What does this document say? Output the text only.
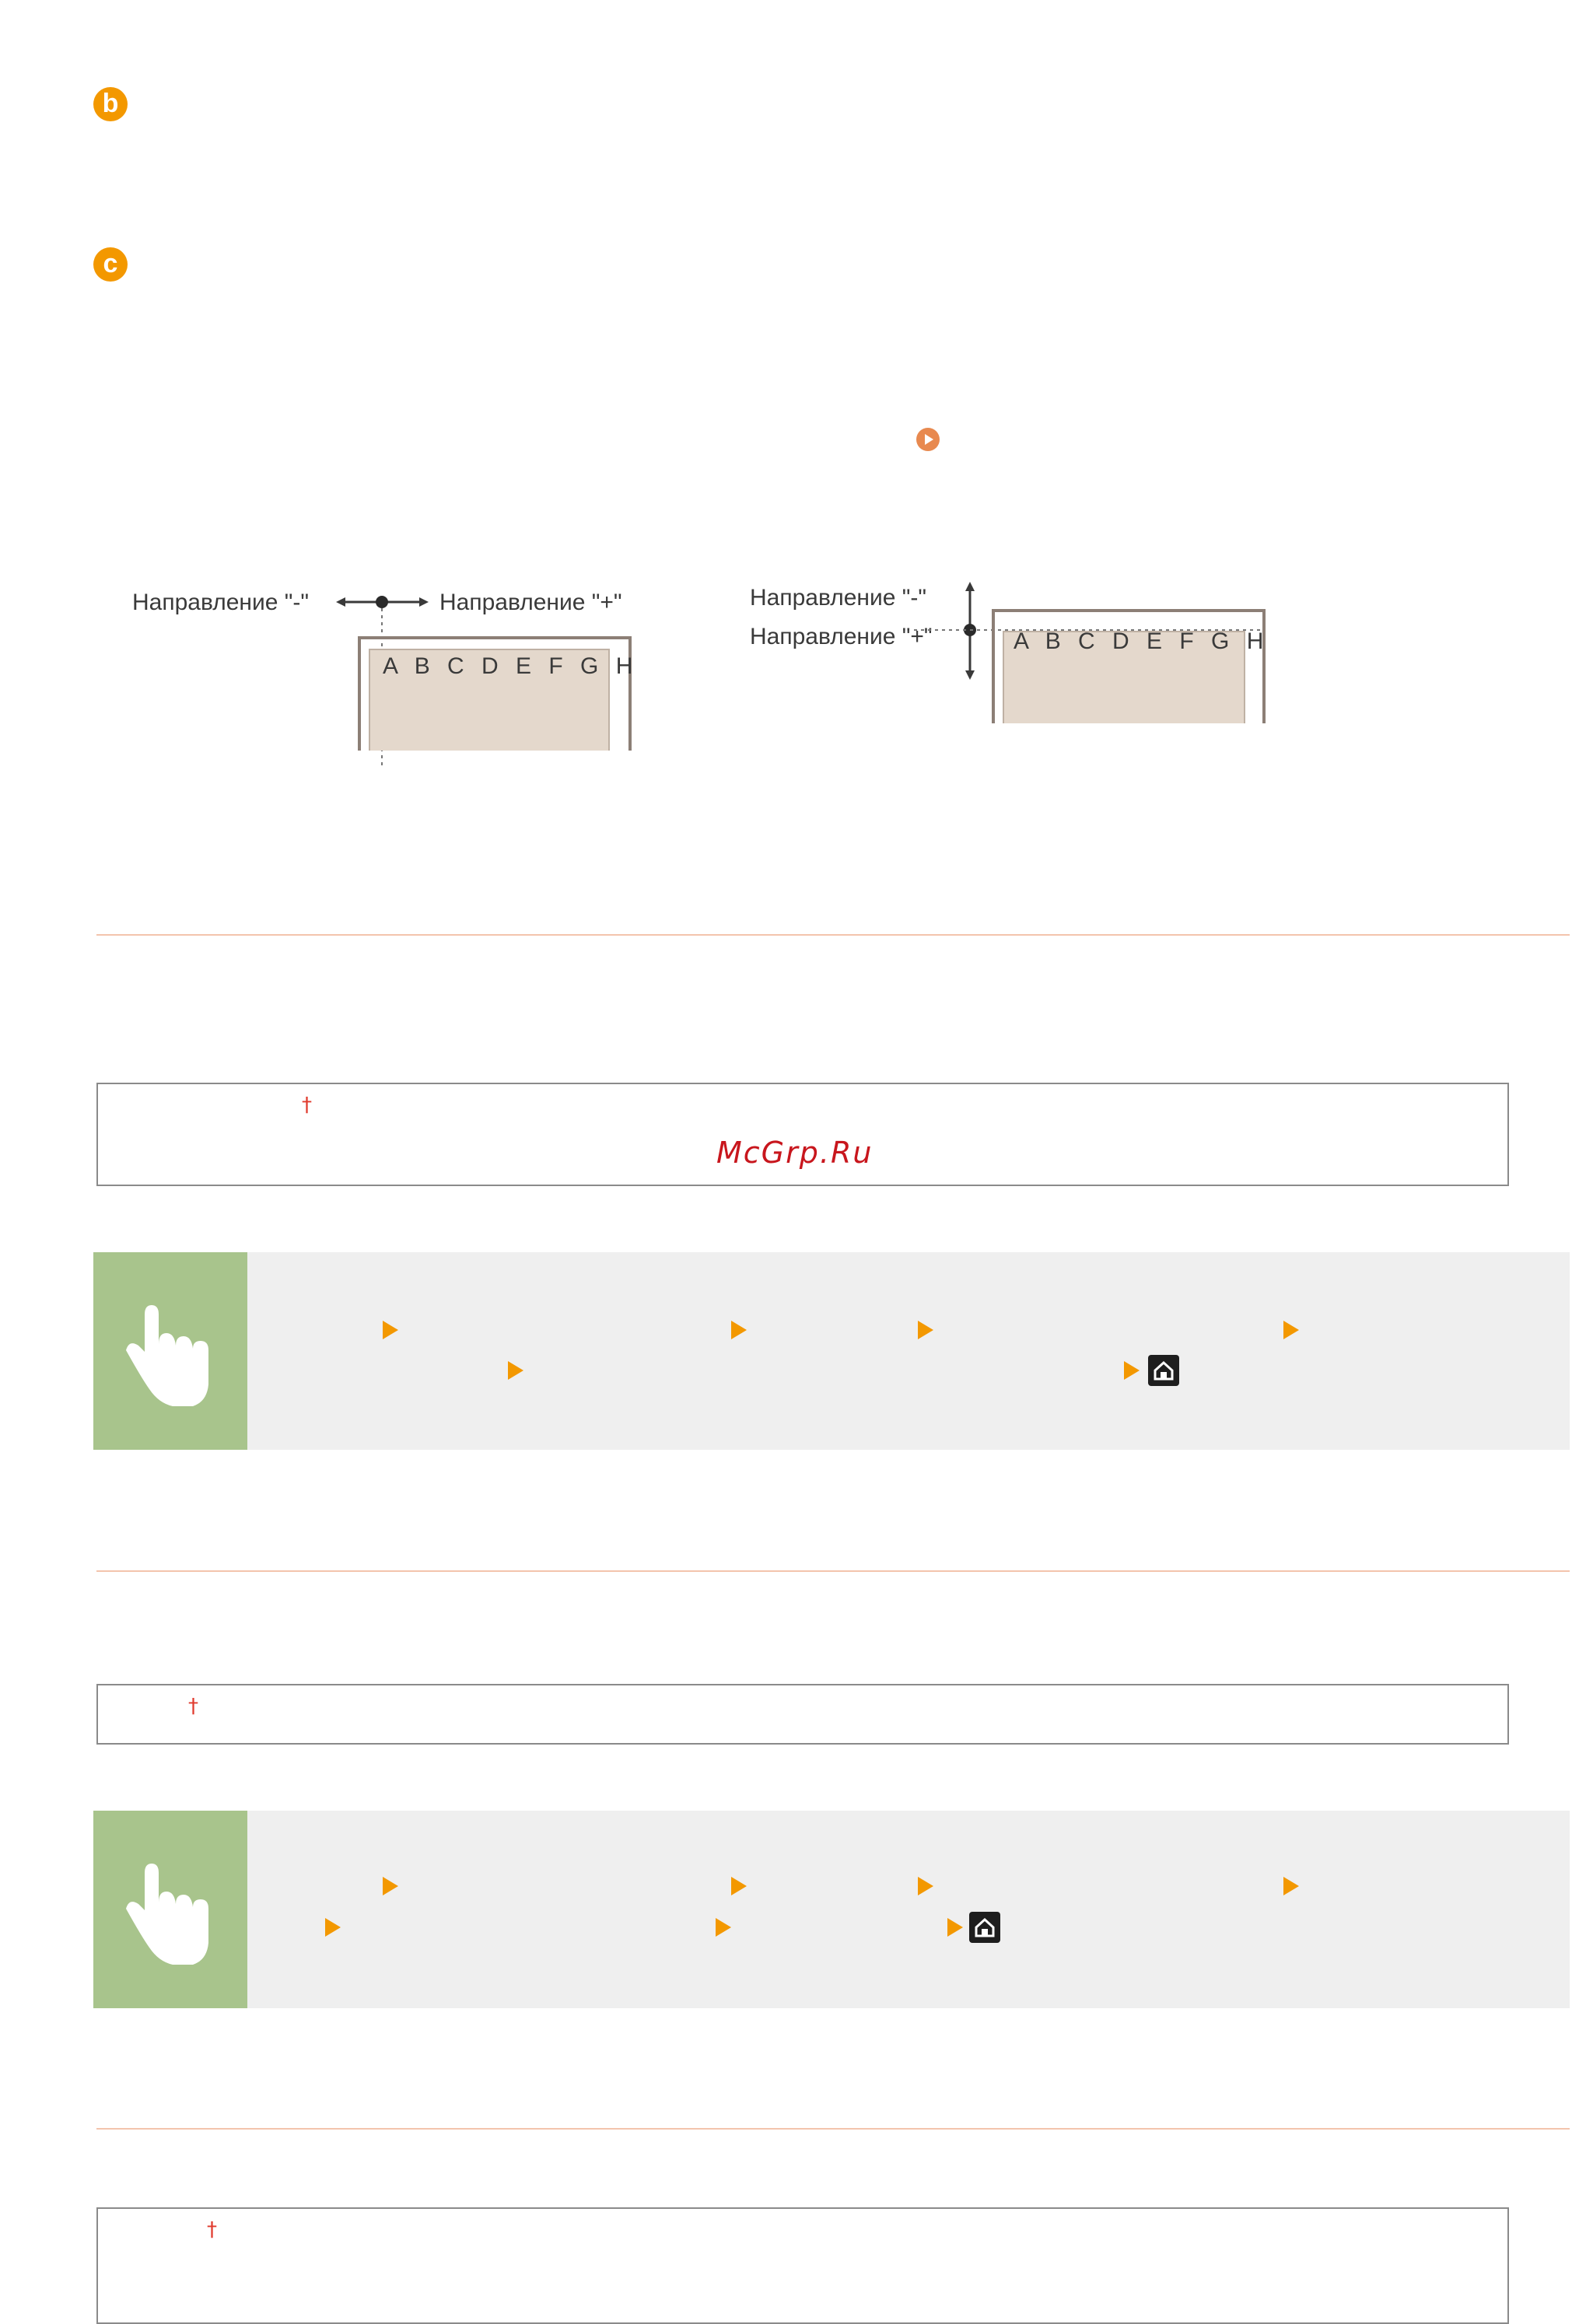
b
c
Направление "-"	Направление "+"
A B C D E F G H
Направление "-"
Направление "+"	A B C D E F G H
†
McGrp.Ru
†
†
